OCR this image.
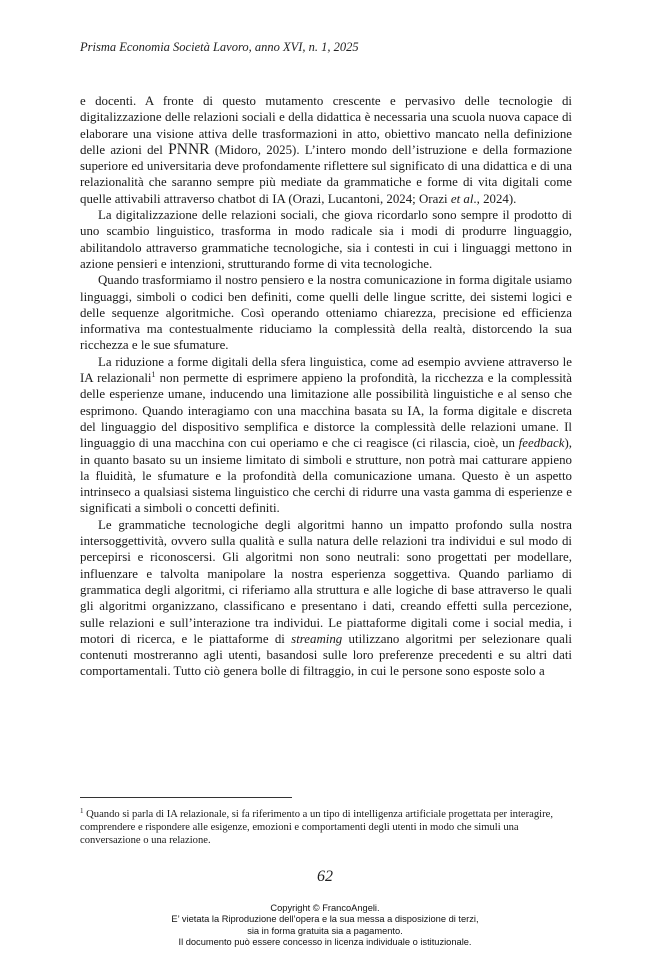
Prisma Economia Società Lavoro, anno XVI, n. 1, 2025

e docenti. A fronte di questo mutamento crescente e pervasivo delle tecnologie di digitalizzazione delle relazioni sociali e della didattica è necessaria una scuola nuova capace di elaborare una visione attiva delle trasformazioni in atto, obiettivo mancato nella definizione delle azioni del PNNR (Midoro, 2025). L’intero mondo dell’istruzione e della formazione superiore ed universitaria deve profondamente riflettere sul significato di una didattica e di una relazionalità che saranno sempre più mediate da grammatiche e forme di vita digitali come quelle attivabili attraverso chatbot di IA (Orazi, Lucantoni, 2024; Orazi et al., 2024).

La digitalizzazione delle relazioni sociali, che giova ricordarlo sono sempre il prodotto di uno scambio linguistico, trasforma in modo radicale sia i modi di produrre linguaggio, abilitandolo attraverso grammatiche tecnologiche, sia i contesti in cui i linguaggi mettono in azione pensieri e intenzioni, strutturando forme di vita tecnologiche.

Quando trasformiamo il nostro pensiero e la nostra comunicazione in forma digitale usiamo linguaggi, simboli o codici ben definiti, come quelli delle lingue scritte, dei sistemi logici e delle sequenze algoritmiche. Così operando otteniamo chiarezza, precisione ed efficienza informativa ma contestualmente riduciamo la complessità della realtà, distorcendo la sua ricchezza e le sue sfumature.

La riduzione a forme digitali della sfera linguistica, come ad esempio avviene attraverso le IA relazionali$^1$ non permette di esprimere appieno la profondità, la ricchezza e la complessità delle esperienze umane, inducendo una limitazione alle possibilità linguistiche e al senso che esprimono. Quando interagiamo con una macchina basata su IA, la forma digitale e discreta del linguaggio del dispositivo semplifica e distorce la complessità delle relazioni umane. Il linguaggio di una macchina con cui operiamo e che ci reagisce (ci rilascia, cioè, un feedback), in quanto basato su un insieme limitato di simboli e strutture, non potrà mai catturare appieno la fluidità, le sfumature e la profondità della comunicazione umana. Questo è un aspetto intrinseco a qualsiasi sistema linguistico che cerchi di ridurre una vasta gamma di esperienze e significati a simboli o concetti definiti.

Le grammatiche tecnologiche degli algoritmi hanno un impatto profondo sulla nostra intersoggettività, ovvero sulla qualità e sulla natura delle relazioni tra individui e sul modo di percepirsi e riconoscersi. Gli algoritmi non sono neutrali: sono progettati per modellare, influenzare e talvolta manipolare la nostra esperienza soggettiva. Quando parliamo di grammatica degli algoritmi, ci riferiamo alla struttura e alle logiche di base attraverso le quali gli algoritmi organizzano, classificano e presentano i dati, creando effetti sulla percezione, sulle relazioni e sull’interazione tra individui. Le piattaforme digitali come i social media, i motori di ricerca, e le piattaforme di streaming utilizzano algoritmi per selezionare quali contenuti mostreranno agli utenti, basandosi sulle loro preferenze precedenti e su altri dati comportamentali. Tutto ciò genera bolle di filtraggio, in cui le persone sono esposte solo a

$^1$ Quando si parla di IA relazionale, si fa riferimento a un tipo di intelligenza artificiale progettata per interagire, comprendere e rispondere alle esigenze, emozioni e comportamenti degli utenti in modo che simuli una conversazione o una relazione.
62
Copyright © FrancoAngeli.
E’ vietata la Riproduzione dell’opera e la sua messa a disposizione di terzi,
sia in forma gratuita sia a pagamento.
Il documento può essere concesso in licenza individuale o istituzionale.
